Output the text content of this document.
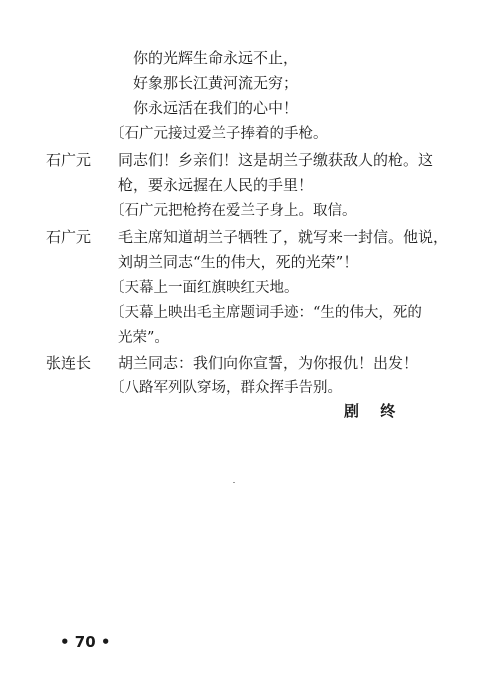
你的光辉生命永远不止，
好象那长江黄河流无穷；
你永远活在我们的心中！
〔石广元接过爱兰子捧着的手枪。
石广元 同志们！乡亲们！这是胡兰子缴获敌人的枪。这
枪，要永远握在人民的手里！
〔石广元把枪挎在爱兰子身上。取信。
石广元 毛主席知道胡兰子牺牲了，就写来一封信。他说，
刘胡兰同志“生的伟大，死的光荣”！
〔天幕上一面红旗映红天地。
〔天幕上映出毛主席题词手迹：“生的伟大，死的
光荣”。
张连长 胡兰同志：我们向你宣誓，为你报仇！出发！
〔八路军列队穿场，群众挥手告别。
剧 终
• 70 •
